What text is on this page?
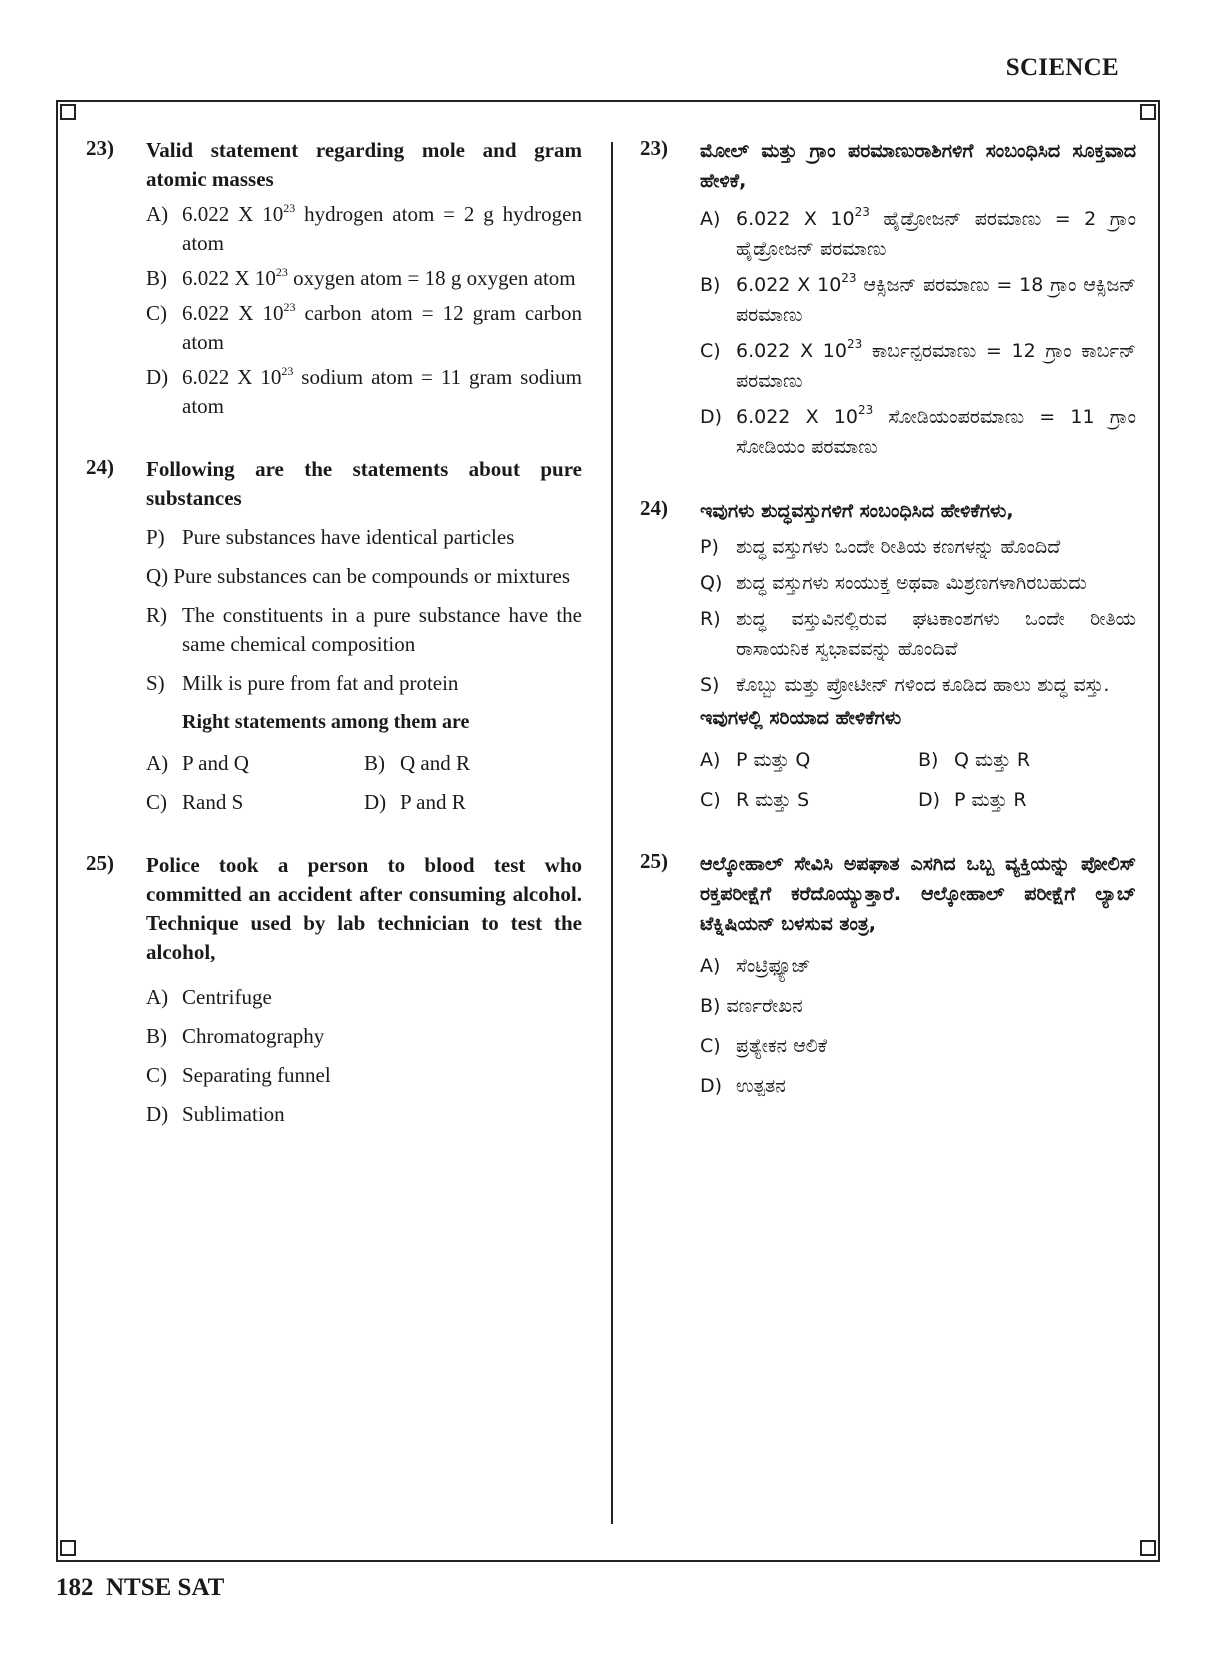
SCIENCE
23) Valid statement regarding mole and gram atomic masses
A) 6.022 X $10^{23}$ hydrogen atom = 2 g hydrogen atom
B) 6.022 X $10^{23}$ oxygen atom = 18 g oxygen atom
C) 6.022 X $10^{23}$ carbon atom = 12 gram carbon atom
D) 6.022 X $10^{23}$ sodium atom = 11 gram sodium atom
24) Following are the statements about pure substances
P) Pure substances have identical particles
Q) Pure substances can be compounds or mixtures
R) The constituents in a pure substance have the same chemical composition
S) Milk is pure from fat and protein
Right statements among them are
A) P and Q	B) Q and R
C) Rand S	D) P and R
25) Police took a person to blood test who committed an accident after consuming alcohol. Technique used by lab technician to test the alcohol,
A) Centrifuge
B) Chromatography
C) Separating funnel
D) Sublimation
23) ಮೋಲ್ ಮತ್ತು ಗ್ರಾಂ ಪರಮಾಣುರಾಶಿಗಳಿಗೆ ಸಂಬಂಧಿಸಿದ ಸೂಕ್ತವಾದ ಹೇಳಿಕೆ,
A) 6.022 X $10^{23}$ ಹೈಡ್ರೋಜನ್ ಪರಮಾಣು = 2 ಗ್ರಾಂ ಹೈಡ್ರೋಜನ್ ಪರಮಾಣು
B) 6.022 X $10^{23}$ ಆಕ್ಸಿಜನ್ ಪರಮಾಣು = 18 ಗ್ರಾಂ ಆಕ್ಸಿಜನ್ ಪರಮಾಣು
C) 6.022 X $10^{23}$ ಕಾರ್ಬನ್ಪರಮಾಣು = 12 ಗ್ರಾಂ ಕಾರ್ಬನ್ ಪರಮಾಣು
D) 6.022 X $10^{23}$ ಸೋಡಿಯಂಪರಮಾಣು = 11 ಗ್ರಾಂ ಸೋಡಿಯಂ ಪರಮಾಣು
24) ಇವುಗಳು ಶುದ್ಧವಸ್ತುಗಳಿಗೆ ಸಂಬಂಧಿಸಿದ ಹೇಳಿಕೆಗಳು,
P) ಶುದ್ಧ ವಸ್ತುಗಳು ಒಂದೇ ರೀತಿಯ ಕಣಗಳನ್ನು ಹೊಂದಿದೆ
Q) ಶುದ್ಧ ವಸ್ತುಗಳು ಸಂಯುಕ್ತ ಅಥವಾ ಮಿಶ್ರಣಗಳಾಗಿರಬಹುದು
R) ಶುದ್ಧ ವಸ್ತುವಿನಲ್ಲಿರುವ ಘಟಕಾಂಶಗಳು ಒಂದೇ ರೀತಿಯ ರಾಸಾಯನಿಕ ಸ್ವಭಾವವನ್ನು ಹೊಂದಿವೆ
S) ಕೊಬ್ಬು ಮತ್ತು ಪ್ರೋಟೀನ್ ಗಳಿಂದ ಕೂಡಿದ ಹಾಲು ಶುದ್ಧ ವಸ್ತು.
ಇವುಗಳಲ್ಲಿ ಸರಿಯಾದ ಹೇಳಿಕೆಗಳು
A) P ಮತ್ತು Q	B) Q ಮತ್ತು R
C) R ಮತ್ತು S	D) P ಮತ್ತು R
25) ಆಲ್ಕೋಹಾಲ್ ಸೇವಿಸಿ ಅಪಘಾತ ಎಸಗಿದ ಒಬ್ಬ ವ್ಯಕ್ತಿಯನ್ನು ಪೋಲಿಸ್ ರಕ್ತಪರೀಕ್ಷೆಗೆ ಕರೆದೊಯ್ಯುತ್ತಾರೆ. ಆಲ್ಕೋಹಾಲ್ ಪರೀಕ್ಷೆಗೆ ಲ್ಯಾಬ್ ಟೆಕ್ನಿಷಿಯನ್ ಬಳಸುವ ತಂತ್ರ,
A) ಸೆಂಟ್ರಿಫ್ಯೂಜ್
B) ವರ್ಣರೇಖನ
C) ಪ್ರತ್ಯೇಕನ ಆಲಿಕೆ
D) ಉತ್ಪತನ
182 NTSE SAT
